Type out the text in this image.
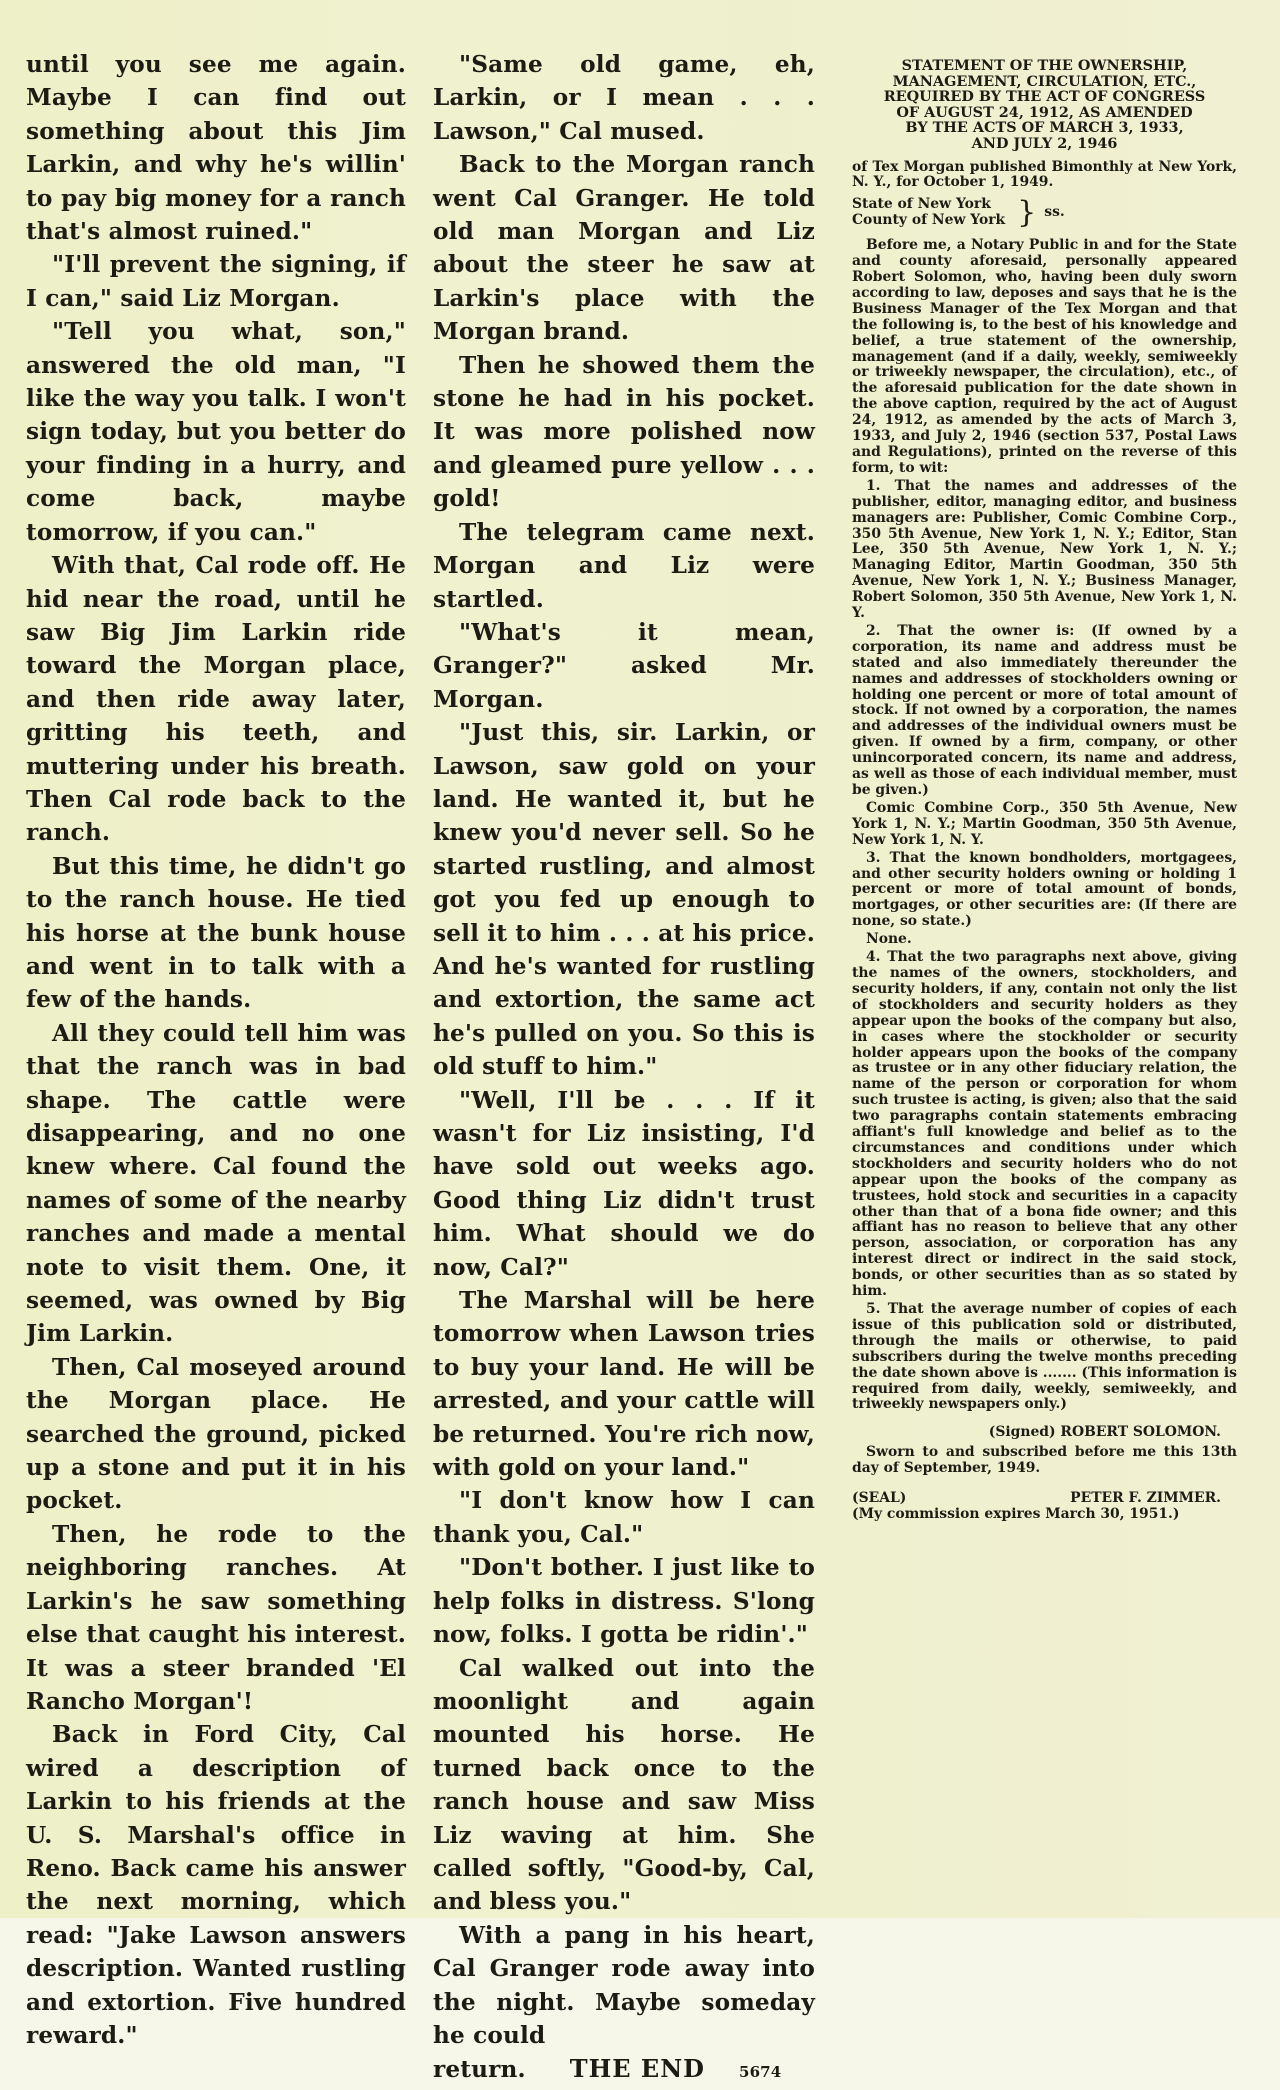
until you see me again. Maybe I can find out something about this Jim Larkin, and why he's willin' to pay big money for a ranch that's almost ruined."

"I'll prevent the signing, if I can," said Liz Morgan.

"Tell you what, son," answered the old man, "I like the way you talk. I won't sign today, but you better do your finding in a hurry, and come back, maybe tomorrow, if you can."

With that, Cal rode off. He hid near the road, until he saw Big Jim Larkin ride toward the Morgan place, and then ride away later, gritting his teeth, and muttering under his breath. Then Cal rode back to the ranch.

But this time, he didn't go to the ranch house. He tied his horse at the bunk house and went in to talk with a few of the hands.

All they could tell him was that the ranch was in bad shape. The cattle were disappearing, and no one knew where. Cal found the names of some of the nearby ranches and made a mental note to visit them. One, it seemed, was owned by Big Jim Larkin.

Then, Cal moseyed around the Morgan place. He searched the ground, picked up a stone and put it in his pocket.

Then, he rode to the neighboring ranches. At Larkin's he saw something else that caught his interest. It was a steer branded 'El Rancho Morgan'!

Back in Ford City, Cal wired a description of Larkin to his friends at the U. S. Marshal's office in Reno. Back came his answer the next morning, which read: "Jake Lawson answers description. Wanted rustling and extortion. Five hundred reward."

"Same old game, eh, Larkin, or I mean . . . Lawson," Cal mused.

Back to the Morgan ranch went Cal Granger. He told old man Morgan and Liz about the steer he saw at Larkin's place with the Morgan brand.

Then he showed them the stone he had in his pocket. It was more polished now and gleamed pure yellow . . . gold!

The telegram came next. Morgan and Liz were startled.

"What's it mean, Granger?" asked Mr. Morgan.

"Just this, sir. Larkin, or Lawson, saw gold on your land. He wanted it, but he knew you'd never sell. So he started rustling, and almost got you fed up enough to sell it to him . . . at his price. And he's wanted for rustling and extortion, the same act he's pulled on you. So this is old stuff to him."

"Well, I'll be . . . If it wasn't for Liz insisting, I'd have sold out weeks ago. Good thing Liz didn't trust him. What should we do now, Cal?"

The Marshal will be here tomorrow when Lawson tries to buy your land. He will be arrested, and your cattle will be returned. You're rich now, with gold on your land."

"I don't know how I can thank you, Cal."

"Don't bother. I just like to help folks in distress. S'long now, folks. I gotta be ridin'."

Cal walked out into the moonlight and again mounted his horse. He turned back once to the ranch house and saw Miss Liz waving at him. She called softly, "Good-by, Cal, and bless you."

With a pang in his heart, Cal Granger rode away into the night. Maybe someday he could

return. THE END 5674
STATEMENT OF THE OWNERSHIP,
MANAGEMENT, CIRCULATION, ETC.,
REQUIRED BY THE ACT OF CONGRESS
OF AUGUST 24, 1912, AS AMENDED
BY THE ACTS OF MARCH 3, 1933,
AND JULY 2, 1946

of Tex Morgan published Bimonthly at New York, N. Y., for October 1, 1949.

State of New York
County of New York } ss.

Before me, a Notary Public in and for the State and county aforesaid, personally appeared Robert Solomon, who, having been duly sworn according to law, deposes and says that he is the Business Manager of the Tex Morgan and that the following is, to the best of his knowledge and belief, a true statement of the ownership, management (and if a daily, weekly, semiweekly or triweekly newspaper, the circulation), etc., of the aforesaid publication for the date shown in the above caption, required by the act of August 24, 1912, as amended by the acts of March 3, 1933, and July 2, 1946 (section 537, Postal Laws and Regulations), printed on the reverse of this form, to wit:

1. That the names and addresses of the publisher, editor, managing editor, and business managers are: Publisher, Comic Combine Corp., 350 5th Avenue, New York 1, N. Y.; Editor, Stan Lee, 350 5th Avenue, New York 1, N. Y.; Managing Editor, Martin Goodman, 350 5th Avenue, New York 1, N. Y.; Business Manager, Robert Solomon, 350 5th Avenue, New York 1, N. Y.

2. That the owner is: (If owned by a corporation, its name and address must be stated and also immediately thereunder the names and addresses of stockholders owning or holding one percent or more of total amount of stock. If not owned by a corporation, the names and addresses of the individual owners must be given. If owned by a firm, company, or other unincorporated concern, its name and address, as well as those of each individual member, must be given.)

Comic Combine Corp., 350 5th Avenue, New York 1, N. Y.; Martin Goodman, 350 5th Avenue, New York 1, N. Y.

3. That the known bondholders, mortgagees, and other security holders owning or holding 1 percent or more of total amount of bonds, mortgages, or other securities are: (If there are none, so state.)

None.

4. That the two paragraphs next above, giving the names of the owners, stockholders, and security holders, if any, contain not only the list of stockholders and security holders as they appear upon the books of the company but also, in cases where the stockholder or security holder appears upon the books of the company as trustee or in any other fiduciary relation, the name of the person or corporation for whom such trustee is acting, is given; also that the said two paragraphs contain statements embracing affiant's full knowledge and belief as to the circumstances and conditions under which stockholders and security holders who do not appear upon the books of the company as trustees, hold stock and securities in a capacity other than that of a bona fide owner; and this affiant has no reason to believe that any other person, association, or corporation has any interest direct or indirect in the said stock, bonds, or other securities than as so stated by him.

5. That the average number of copies of each issue of this publication sold or distributed, through the mails or otherwise, to paid subscribers during the twelve months preceding the date shown above is ....... (This information is required from daily, weekly, semiweekly, and triweekly newspapers only.)

(Signed) ROBERT SOLOMON.

Sworn to and subscribed before me this 13th day of September, 1949.

(SEAL)	PETER F. ZIMMER.
(My commission expires March 30, 1951.)
